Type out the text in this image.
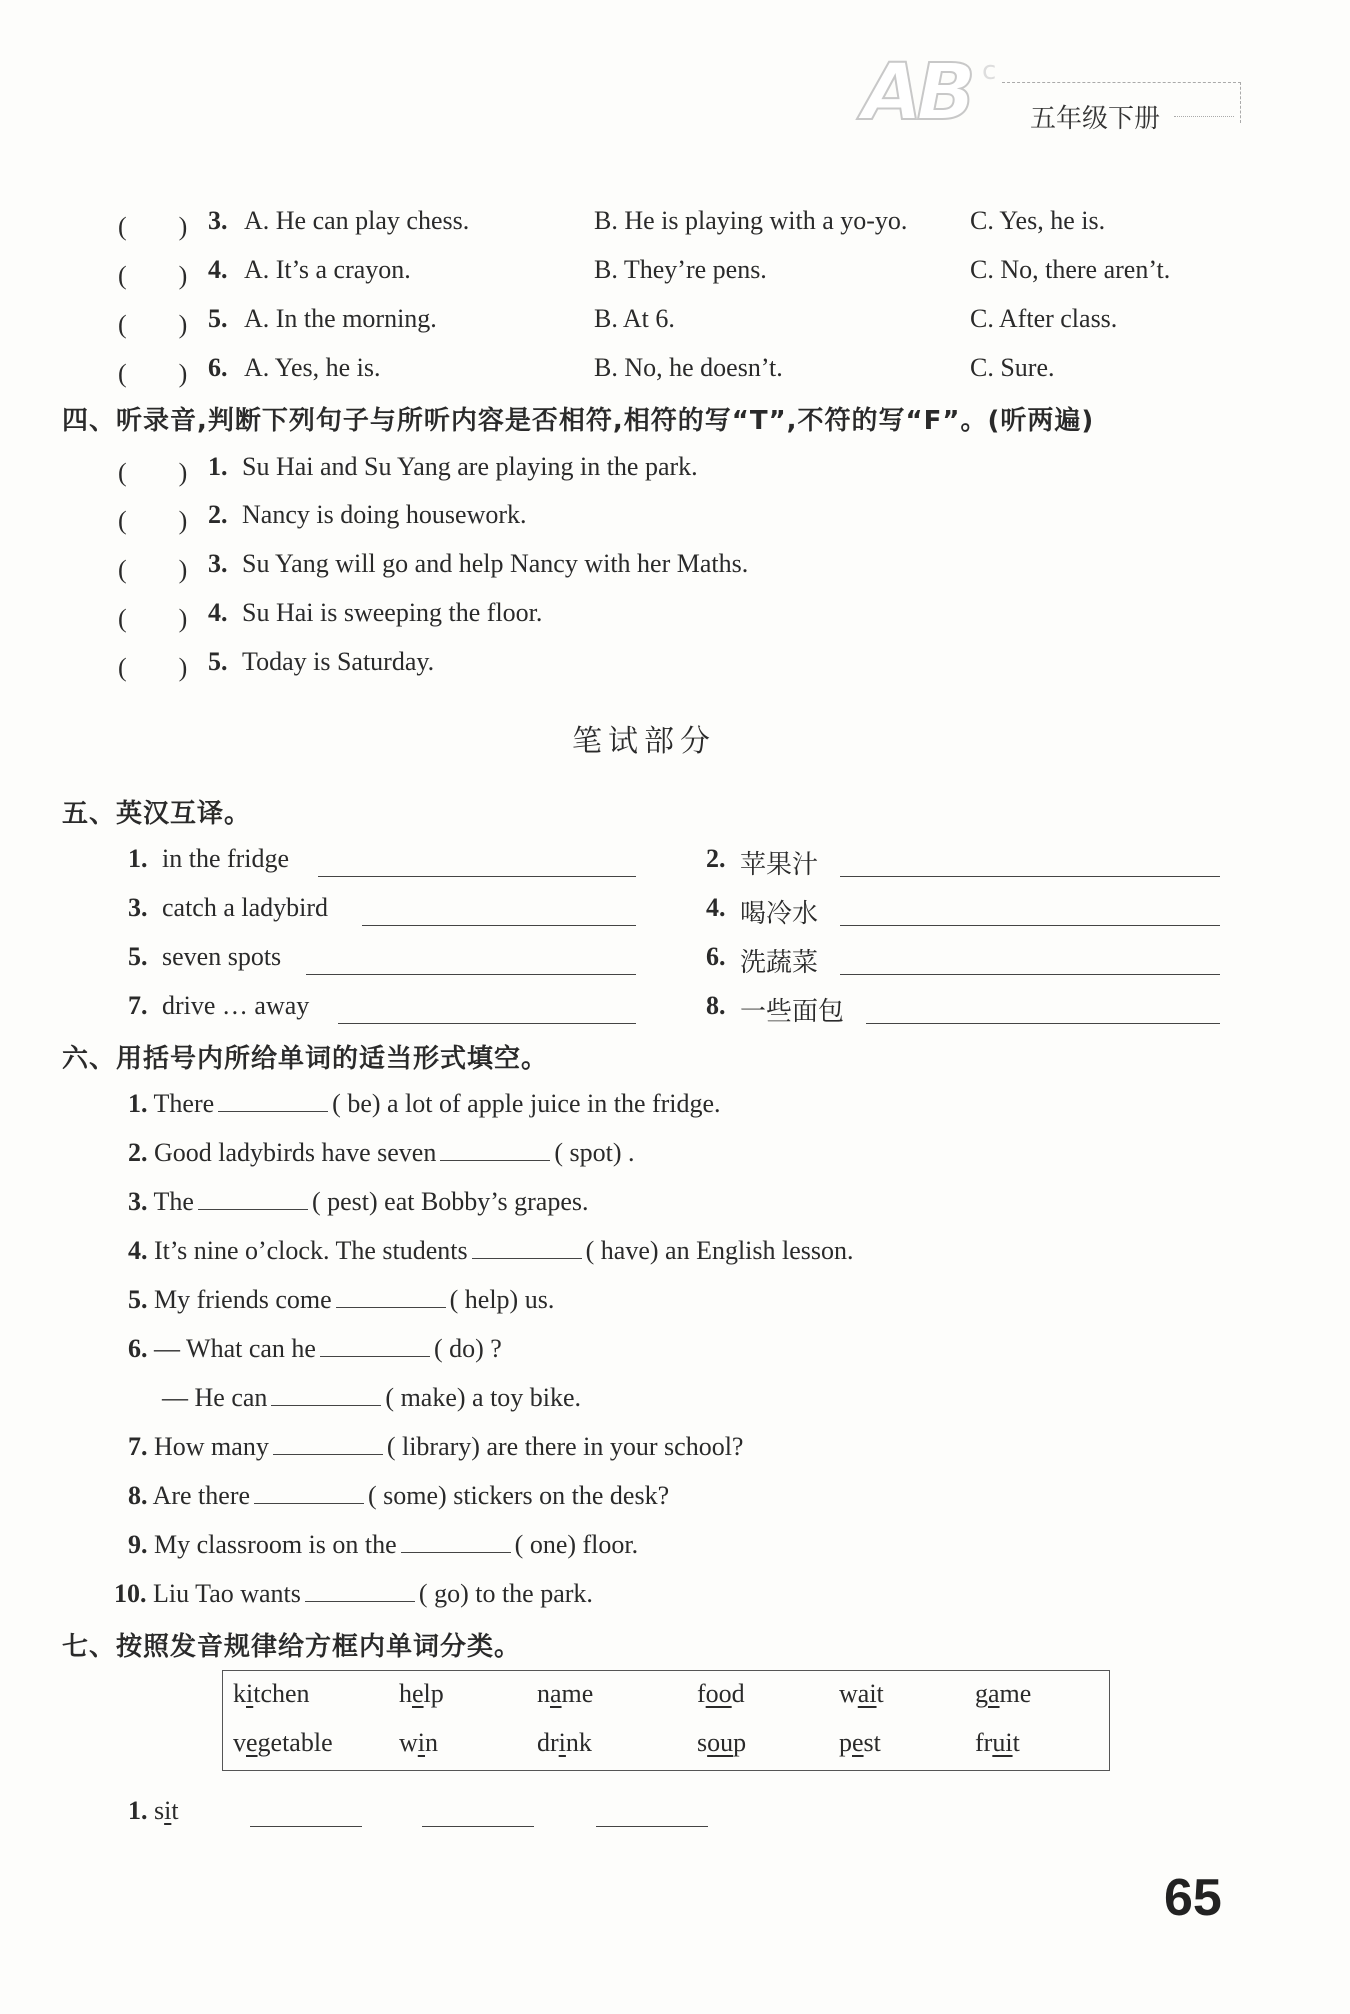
AB c
五年级下册
(　　) 3. A. He can play chess.	B. He is playing with a yo-yo. C. Yes, he is.
(　　) 4. A. It’s a crayon.	B. They’re pens.	C. No, there aren’t.
(　　) 5. A. In the morning.	B. At 6.	C. After class.
(　　) 6. A. Yes, he is.	B. No, he doesn’t.	C. Sure.
四、听录音,判断下列句子与所听内容是否相符,相符的写“T”,不符的写“F”。(听两遍)
(　　) 1. Su Hai and Su Yang are playing in the park.
(　　) 2. Nancy is doing housework.
(　　) 3. Su Yang will go and help Nancy with her Maths.
(　　) 4. Su Hai is sweeping the floor.
(　　) 5. Today is Saturday.
笔试部分
五、英汉互译。
1. in the fridge	2. 苹果汁
3. catch a ladybird	4. 喝冷水
5. seven spots	6. 洗蔬菜
7. drive … away	8. 一些面包
六、用括号内所给单词的适当形式填空。
1. There	( be) a lot of apple juice in the fridge.
2. Good ladybirds have seven	( spot) .
3. The	( pest) eat Bobby’s grapes.
4. It’s nine o’clock. The students	( have) an English lesson.
5. My friends come	( help) us.
6. — What can he	( do) ?
— He can	( make) a toy bike.
7. How many	( library) are there in your school?
8. Are there	( some) stickers on the desk?
9. My classroom is on the	( one) floor.
10. Liu Tao wants	( go) to the park.
七、按照发音规律给方框内单词分类。
kitchen	help	name	food	wait	game
vegetable	win	drink	soup	pest	fruit
1. sit
65
